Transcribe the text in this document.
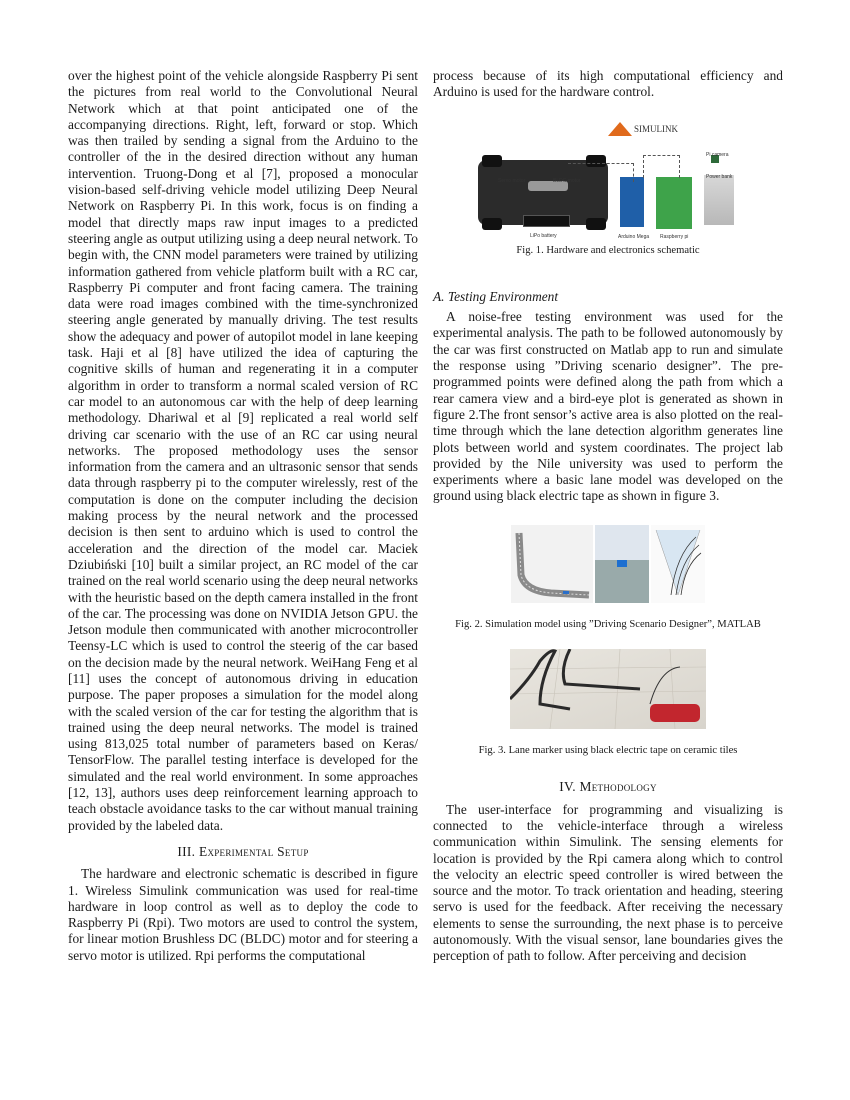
over the highest point of the vehicle alongside Raspberry Pi sent the pictures from real world to the Convolutional Neural Network which at that point anticipated one of the accompanying directions. Right, left, forward or stop. Which was then trailed by sending a signal from the Arduino to the controller of the in the desired direction without any human intervention. Truong-Dong et al [7], proposed a monocular vision-based self-driving vehicle model utilizing Deep Neural Network on Raspberry Pi. In this work, focus is on finding a model that directly maps raw input images to a predicted steering angle as output utilizing using a deep neural network. To begin with, the CNN model parameters were trained by utilizing information gathered from vehicle platform built with a RC car, Raspberry Pi computer and front facing camera. The training data were road images combined with the time-synchronized steering angle generated by manually driving. The test results show the adequacy and power of autopilot model in lane keeping task. Haji et al [8] have utilized the idea of capturing the cognitive skills of human and regenerating it in a computer algorithm in order to transform a normal scaled version of RC car model to an autonomous car with the help of deep learning methodology. Dhariwal et al [9] replicated a real world self driving car scenario with the use of an RC car using neural networks. The proposed methodology uses the sensor information from the camera and an ultrasonic sensor that sends data through raspberry pi to the computer wirelessly, rest of the computation is done on the computer including the decision making process by the neural network and the processed decision is then sent to arduino which is used to control the acceleration and the direction of the model car. Maciek Dziubiński [10] built a similar project, an RC model of the car trained on the real world scenario using the deep neural networks with the heuristic based on the depth camera installed in the front of the car. The processing was done on NVIDIA Jetson GPU. the Jetson module then communicated with another microcontroller Teensy-LC which is used to control the steerig of the car based on the decision made by the neural network. WeiHang Feng et al [11] uses the concept of autonomous driving in education purpose. The paper proposes a simulation for the model along with the scaled version of the car for testing the algorithm that is trained using the deep neural networks. The model is trained using 813,025 total number of parameters based on Keras/ TensorFlow. The parallel testing interface is developed for the simulated and the real world environment. In some approaches [12, 13], authors uses deep reinforcement learning approach to teach obstacle avoidance tasks to the car without manual training provided by the labeled data.

III. Experimental Setup

The hardware and electronic schematic is described in figure 1. Wireless Simulink communication was used for real-time hardware in loop control as well as to deploy the code to Raspberry Pi (Rpi). Two motors are used to control the system, for linear motion Brushless DC (BLDC) motor and for steering a servo motor is utilized. Rpi performs the computational

process because of its high computational efficiency and Arduino is used for the hardware control.

SIMULINK
Servo motor	BLDC motor
LiPo battery	Arduino Mega Raspberry pi
Pi camera
Power bank

Fig. 1. Hardware and electronics schematic

A. Testing Environment

A noise-free testing environment was used for the experimental analysis. The path to be followed autonomously by the car was first constructed on Matlab app to run and simulate the response using ”Driving scenario designer”. The pre-programmed points were defined along the path from which a rear camera view and a bird-eye plot is generated as shown in figure 2.The front sensor’s active area is also plotted on the real-time through which the lane detection algorithm generates line plots between world and system coordinates. The project lab provided by the Nile university was used to perform the experiments where a basic lane model was developed on the ground using black electric tape as shown in figure 3.

Fig. 2. Simulation model using ”Driving Scenario Designer”, MATLAB

Fig. 3. Lane marker using black electric tape on ceramic tiles

IV. Methodology

The user-interface for programming and visualizing is connected to the vehicle-interface through a wireless communication within Simulink. The sensing elements for location is provided by the Rpi camera along which to control the velocity an electric speed controller is wired between the source and the motor. To track orientation and heading, steering servo is used for the feedback. After receiving the necessary elements to sense the surrounding, the next phase is to perceive autonomously. With the visual sensor, lane boundaries gives the perception of path to follow. After perceiving and decision
